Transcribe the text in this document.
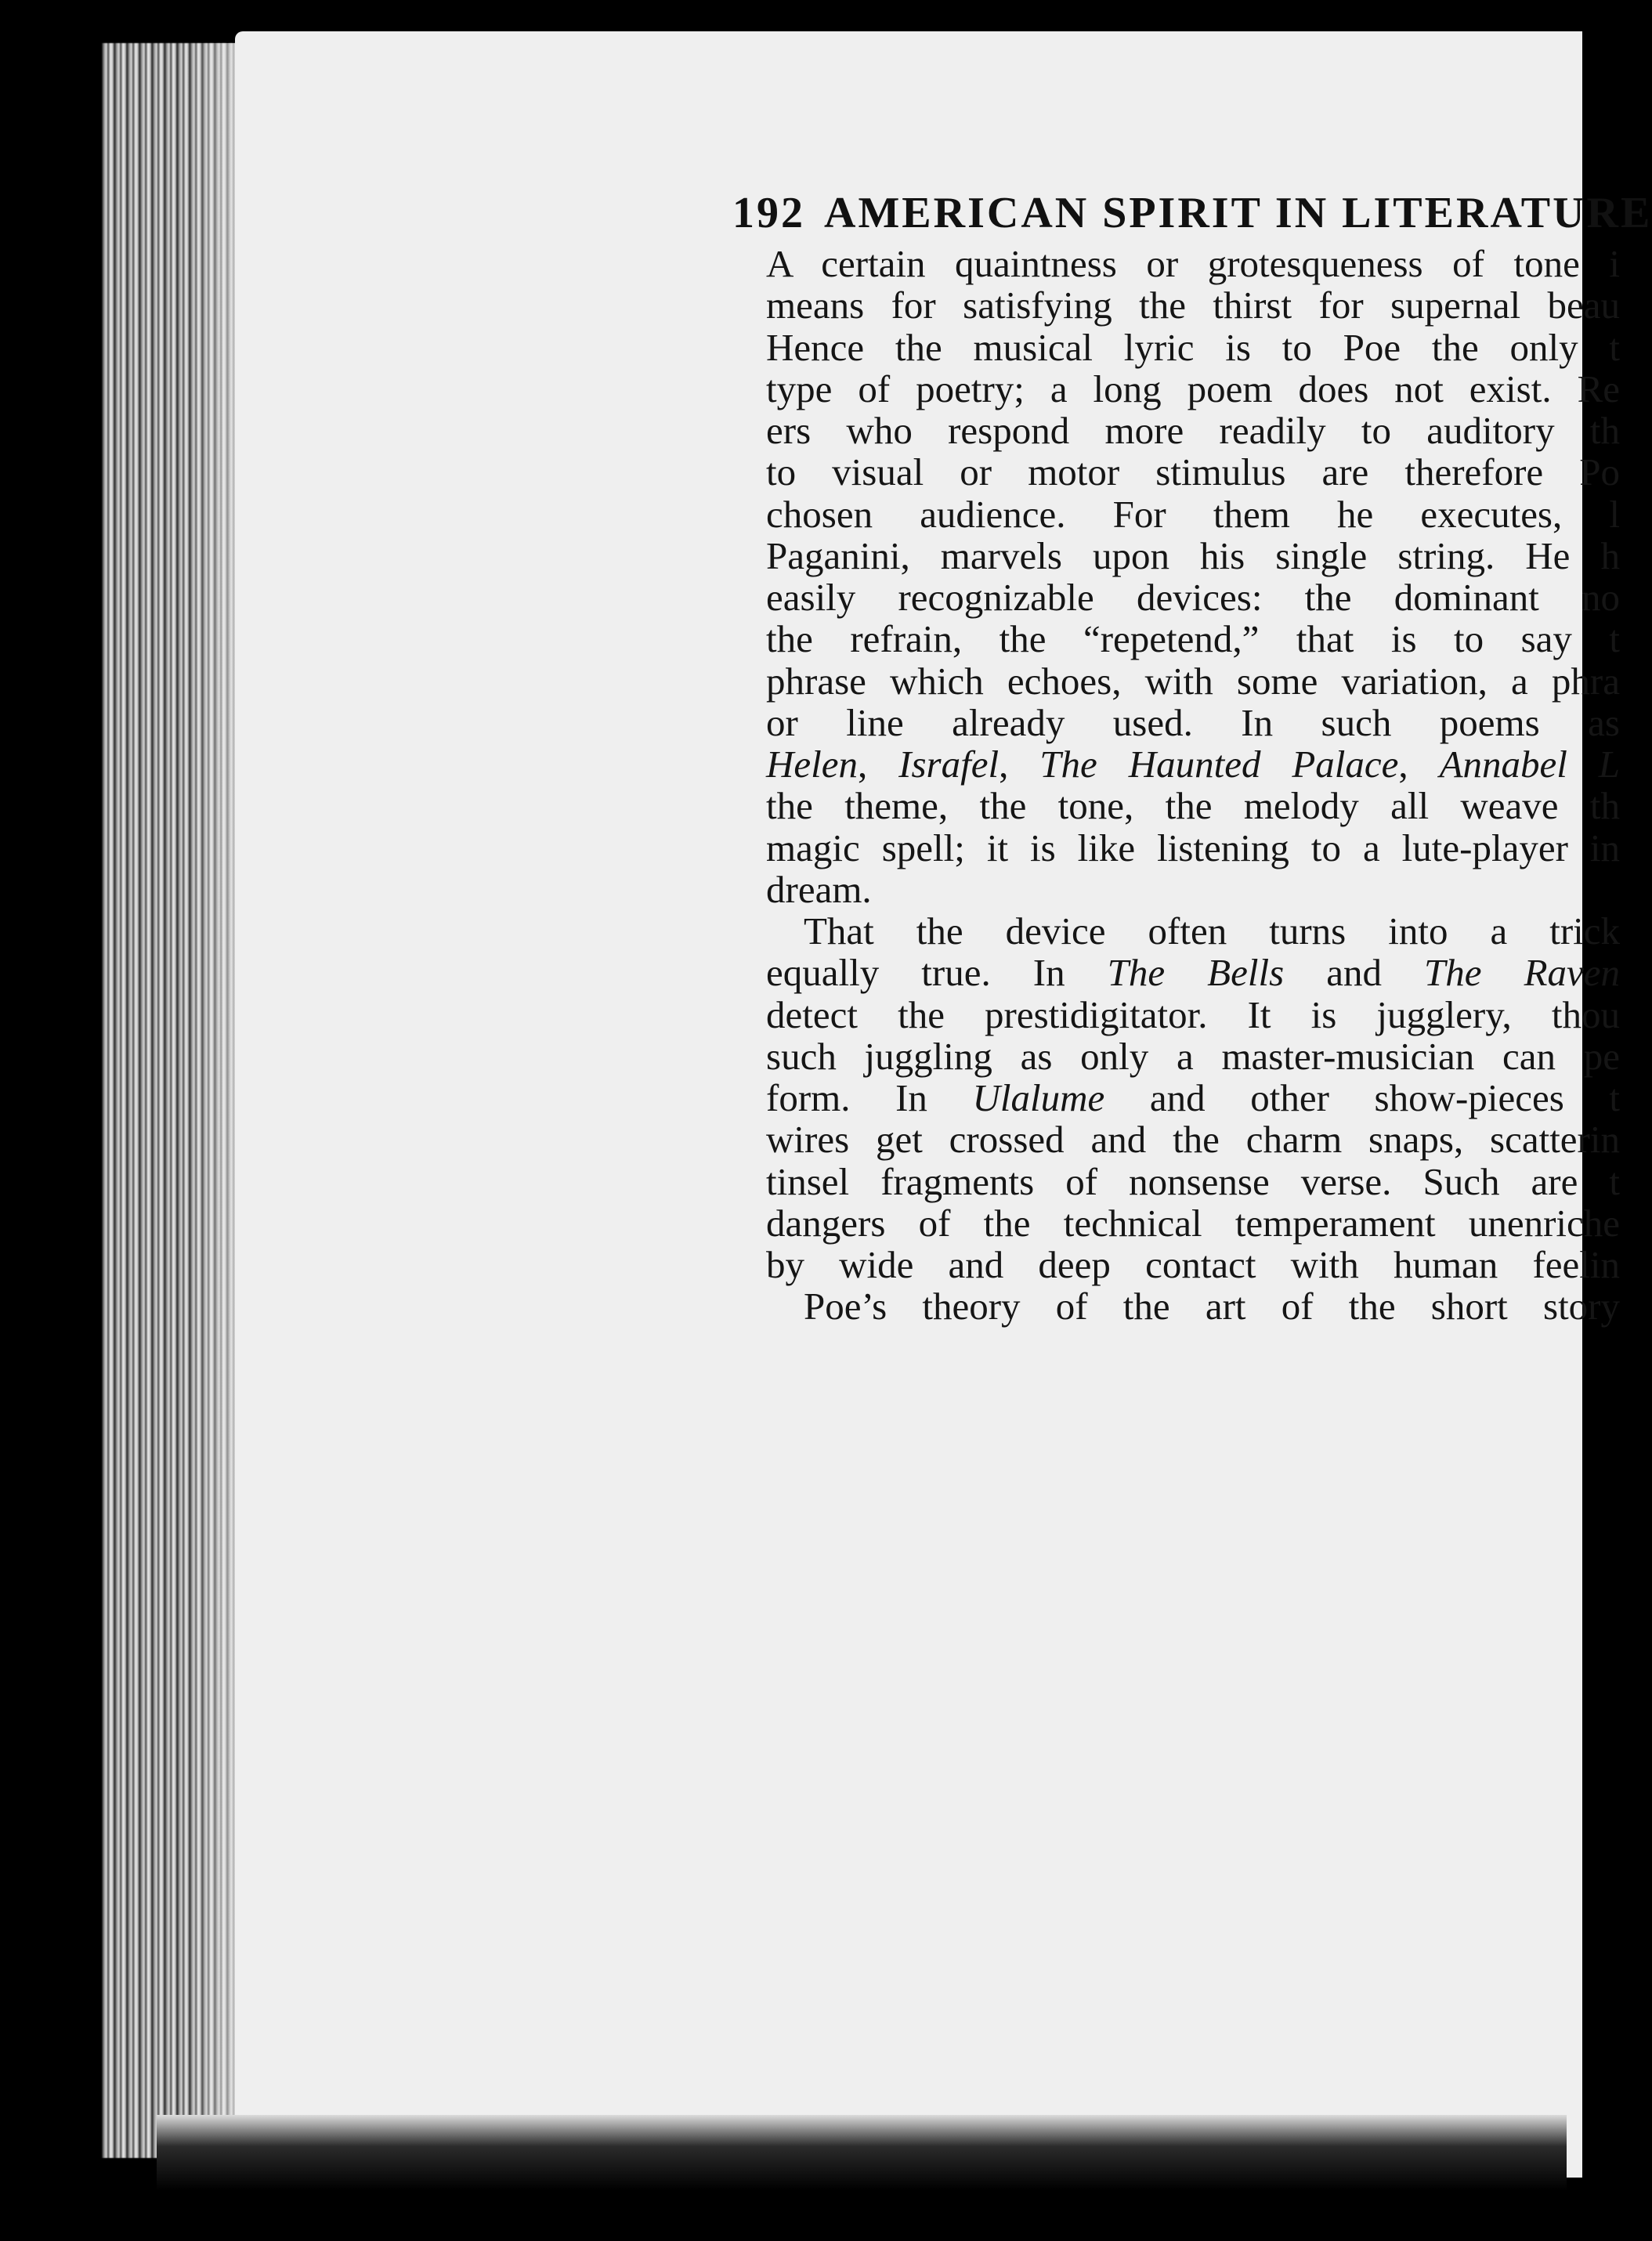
192 AMERICAN SPIRIT IN LITERATURE
A certain quaintness or grotesqueness of tone i
means for satisfying the thirst for supernal beau
Hence the musical lyric is to Poe the only t
type of poetry; a long poem does not exist. Re
ers who respond more readily to auditory th
to visual or motor stimulus are therefore Po
chosen audience. For them he executes, l
Paganini, marvels upon his single string. He h
easily recognizable devices: the dominant no
the refrain, the “repetend,” that is to say t
phrase which echoes, with some variation, a phra
or line already used. In such poems as
Helen, Israfel, The Haunted Palace, Annabel L
the theme, the tone, the melody all weave th
magic spell; it is like listening to a lute-player in
dream.
That the device often turns into a trick
equally true. In The Bells and The Raven
detect the prestidigitator. It is jugglery, thou
such juggling as only a master-musician can pe
form. In Ulalume and other show-pieces t
wires get crossed and the charm snaps, scatterin
tinsel fragments of nonsense verse. Such are t
dangers of the technical temperament unenriche
by wide and deep contact with human feelin
Poe’s theory of the art of the short story
